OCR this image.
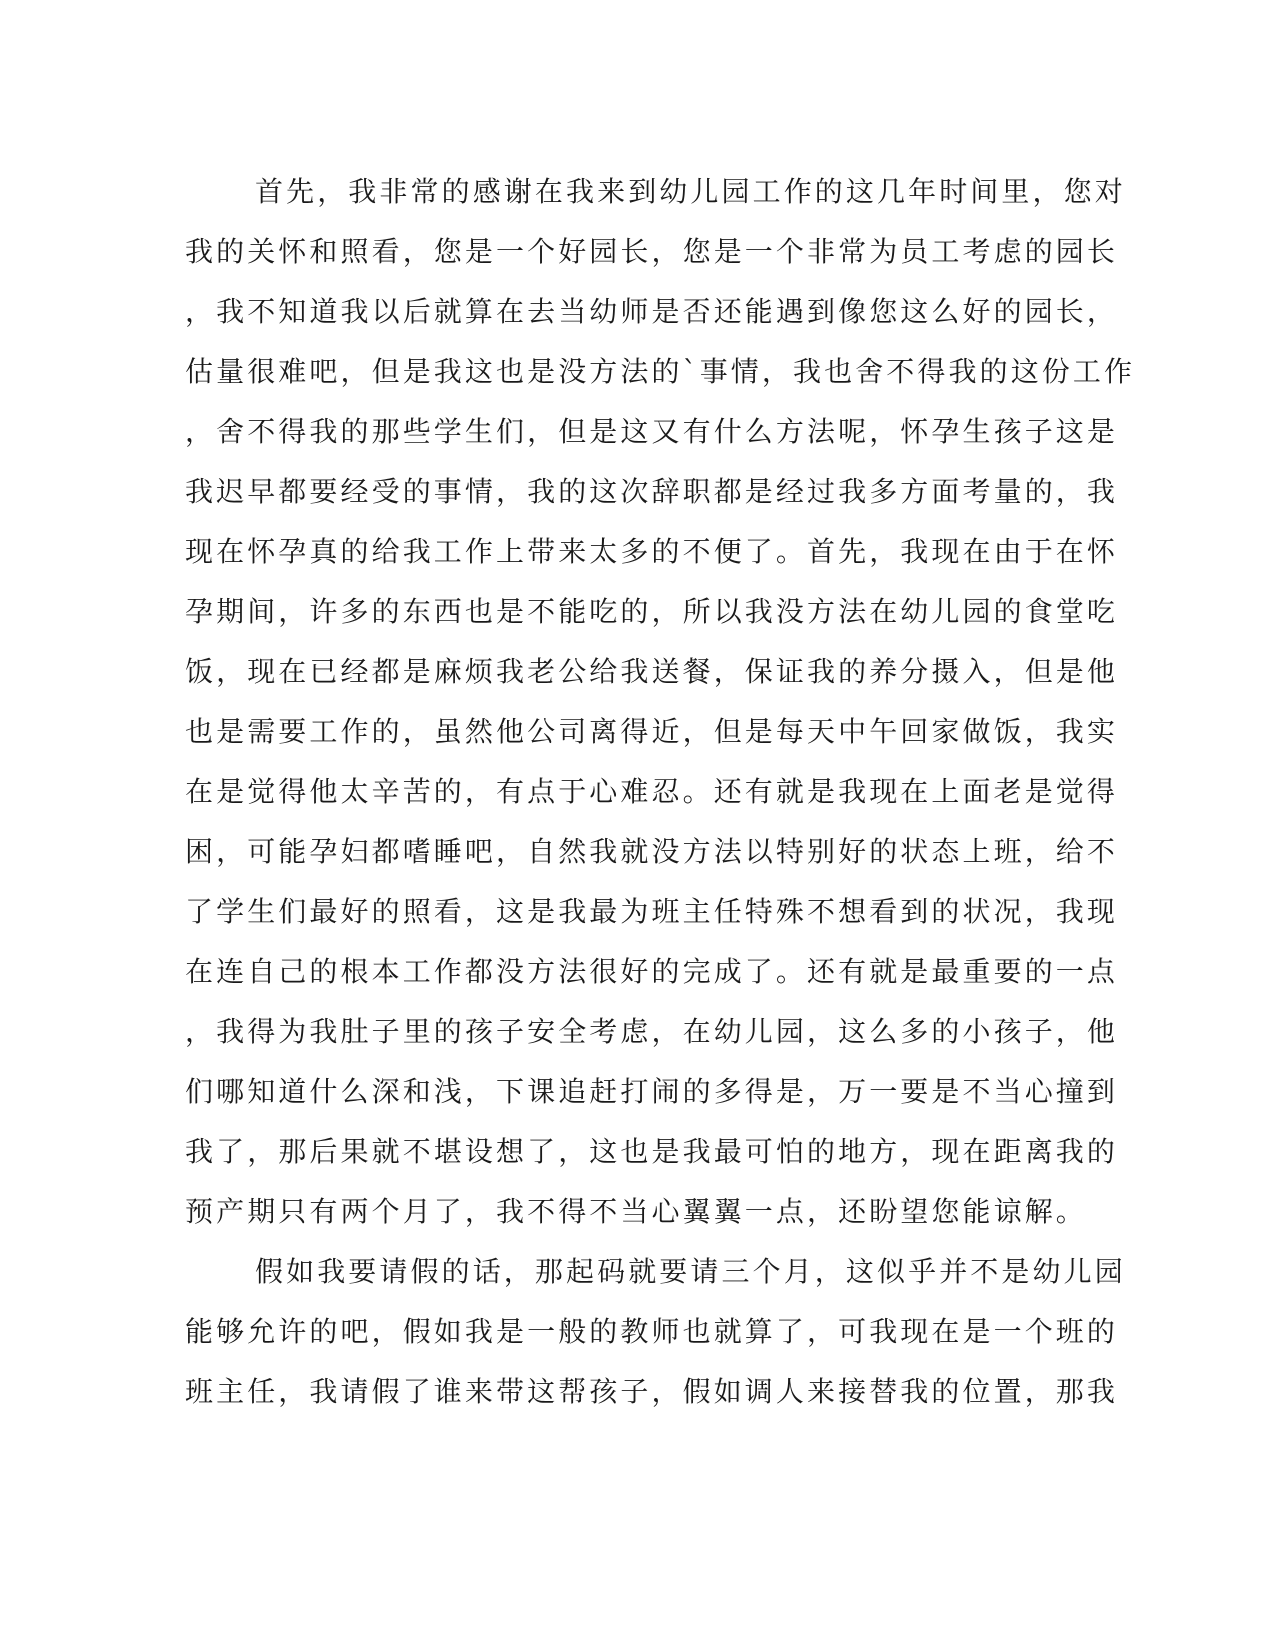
首先，我非常的感谢在我来到幼儿园工作的这几年时间里，您对
我的关怀和照看，您是一个好园长，您是一个非常为员工考虑的园长
，我不知道我以后就算在去当幼师是否还能遇到像您这么好的园长，
估量很难吧，但是我这也是没方法的`事情，我也舍不得我的这份工作
，舍不得我的那些学生们，但是这又有什么方法呢，怀孕生孩子这是
我迟早都要经受的事情，我的这次辞职都是经过我多方面考量的，我
现在怀孕真的给我工作上带来太多的不便了。首先，我现在由于在怀
孕期间，许多的东西也是不能吃的，所以我没方法在幼儿园的食堂吃
饭，现在已经都是麻烦我老公给我送餐，保证我的养分摄入，但是他
也是需要工作的，虽然他公司离得近，但是每天中午回家做饭，我实
在是觉得他太辛苦的，有点于心难忍。还有就是我现在上面老是觉得
困，可能孕妇都嗜睡吧，自然我就没方法以特别好的状态上班，给不
了学生们最好的照看，这是我最为班主任特殊不想看到的状况，我现
在连自己的根本工作都没方法很好的完成了。还有就是最重要的一点
，我得为我肚子里的孩子安全考虑，在幼儿园，这么多的小孩子，他
们哪知道什么深和浅，下课追赶打闹的多得是，万一要是不当心撞到
我了，那后果就不堪设想了，这也是我最可怕的地方，现在距离我的
预产期只有两个月了，我不得不当心翼翼一点，还盼望您能谅解。
假如我要请假的话，那起码就要请三个月，这似乎并不是幼儿园
能够允许的吧，假如我是一般的教师也就算了，可我现在是一个班的
班主任，我请假了谁来带这帮孩子，假如调人来接替我的位置，那我
